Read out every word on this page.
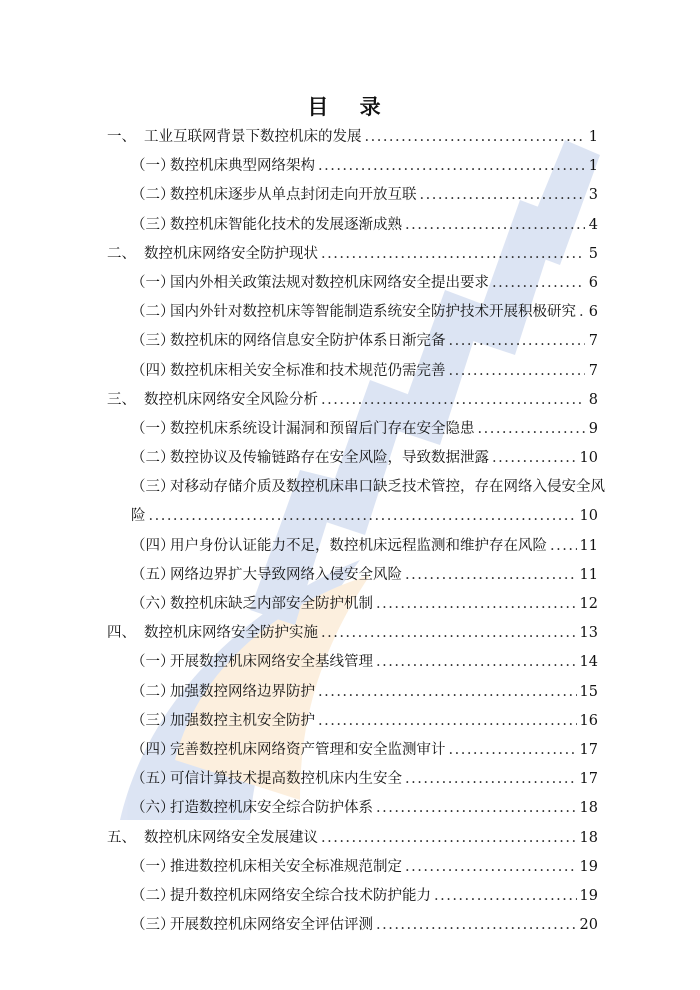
目 录
一、 工业互联网背景下数控机床的发展 .....	1
（一）
数控机床典型网络架构 .....	1
（二）
数控机床逐步从单点封闭走向开放互联 .....	3
（三）
数控机床智能化技术的发展逐渐成熟 .....	4
二、 数控机床网络安全防护现状 .....	5
（一）
国内外相关政策法规对数控机床网络安全提出要求 .....	6
（二）
国内外针对数控机床等智能制造系统安全防护技术开展积极研究 ..... 6
（三）
数控机床的网络信息安全防护体系日渐完备 .....	7
（四）
数控机床相关安全标准和技术规范仍需完善 .....	7
三、 数控机床网络安全风险分析 .....	8
（一）
数控机床系统设计漏洞和预留后门存在安全隐患 .....	9
（二）
数控协议及传输链路存在安全风险，导致数据泄露 .....	10
（三）
对移动存储介质及数控机床串口缺乏技术管控，存在网络入侵安全风
险 .....	10
（四）
用户身份认证能力不足，数控机床远程监测和维护存在风险 ..... 11
（五）
网络边界扩大导致网络入侵安全风险 .....	11
（六）
数控机床缺乏内部安全防护机制 .....	12
四、 数控机床网络安全防护实施 .....	13
（一）
开展数控机床网络安全基线管理 .....	14
（二）
加强数控网络边界防护 .....	15
（三）
加强数控主机安全防护 .....	16
（四）
完善数控机床网络资产管理和安全监测审计 .....	17
（五）
可信计算技术提高数控机床内生安全 .....	17
（六）
打造数控机床安全综合防护体系 .....	18
五、 数控机床网络安全发展建议 .....	18
（一）
推进数控机床相关安全标准规范制定 .....	19
（二）
提升数控机床网络安全综合技术防护能力 .....	19
（三）
开展数控机床网络安全评估评测 .....	20
